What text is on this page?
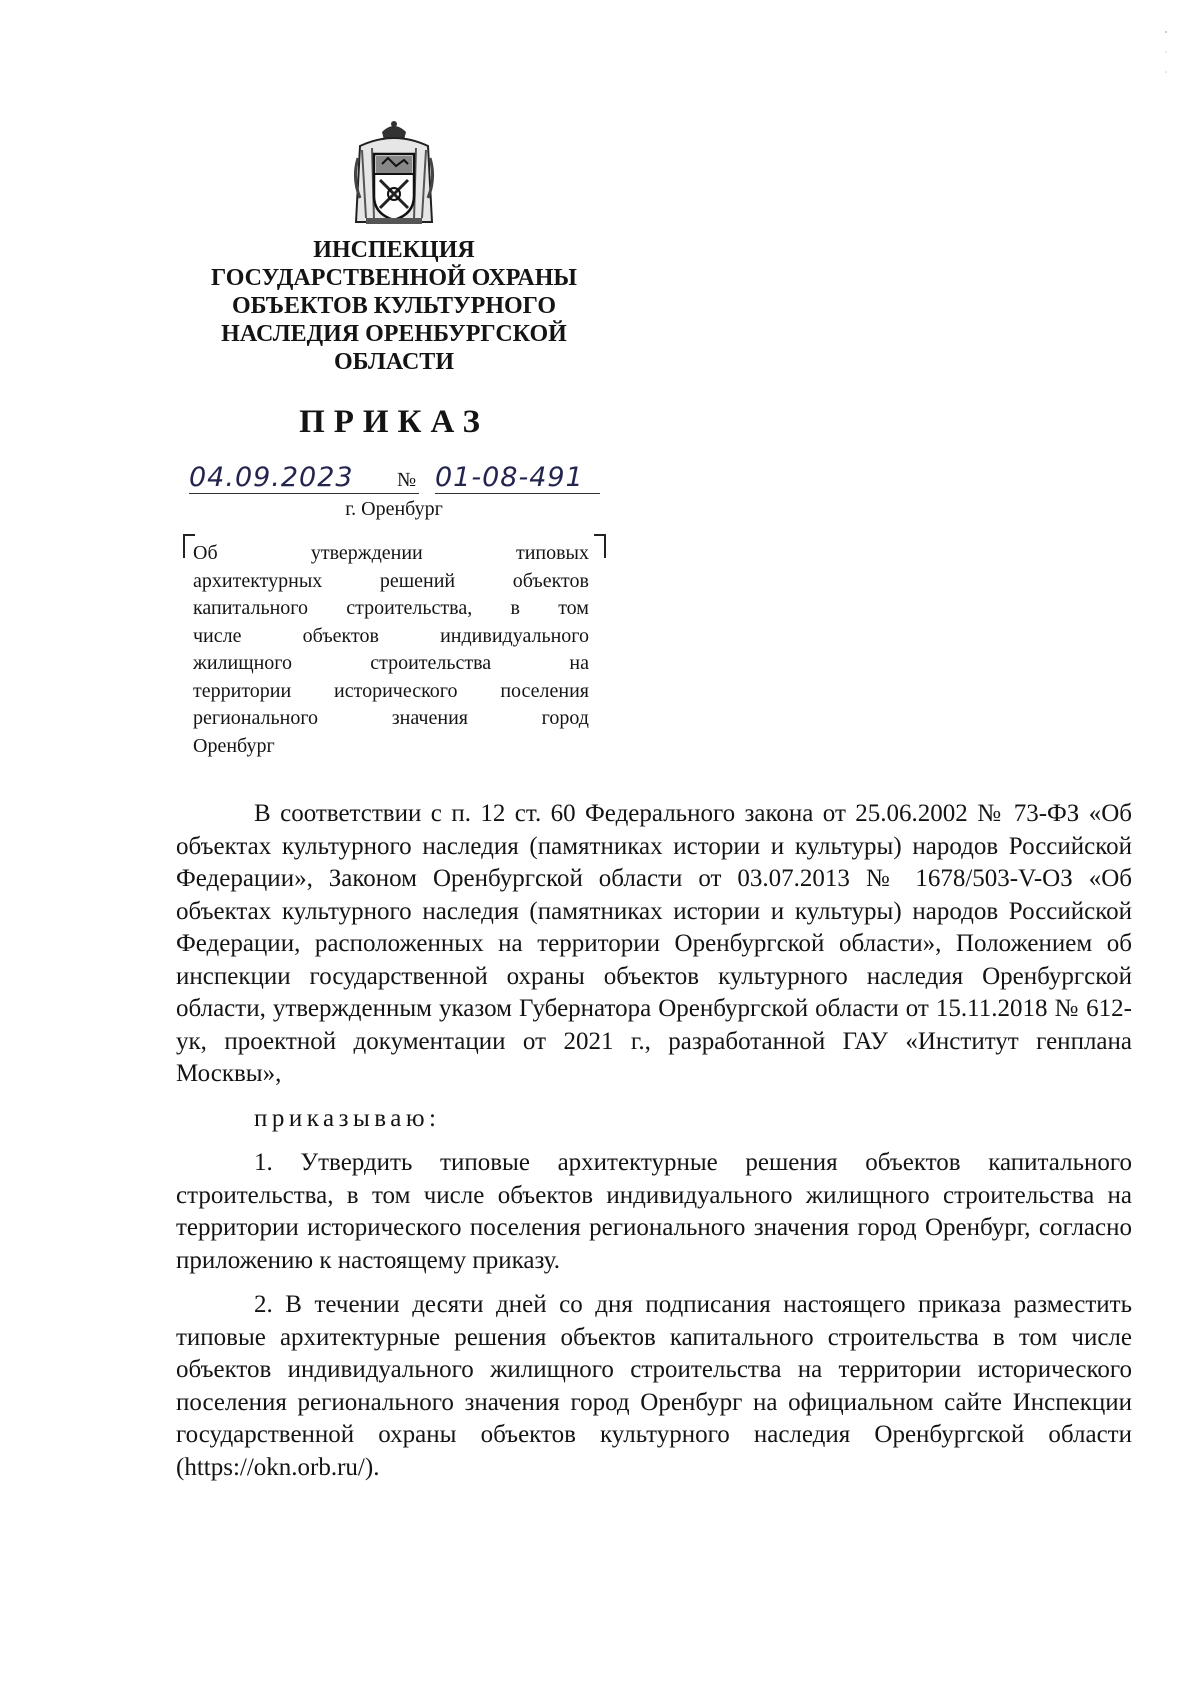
ИНСПЕКЦИЯ
ГОСУДАРСТВЕННОЙ ОХРАНЫ
ОБЪЕКТОВ КУЛЬТУРНОГО
НАСЛЕДИЯ ОРЕНБУРГСКОЙ
ОБЛАСТИ
ПРИКАЗ
04.09.2023	№ 01-08-491
г. Оренбург

Об	утверждении	типовых

архитектурных	решений	объектов

капитального строительства, в том

числе	объектов	индивидуального

жилищного	строительства	на

территории исторического поселения

регионального	значения	город

Оренбург

В соответствии с п. 12 ст. 60 Федерального закона от 25.06.2002 № 73-ФЗ «Об объектах культурного наследия (памятниках истории и культуры) народов Российской Федерации», Законом Оренбургской области от 03.07.2013 № 1678/503-V-ОЗ «Об объектах культурного наследия (памятниках истории и культуры) народов Российской Федерации, расположенных на территории Оренбургской области», Положением об инспекции государственной охраны объектов культурного наследия Оренбургской области, утвержденным указом Губернатора Оренбургской области от 15.11.2018 № 612-ук, проектной документации от 2021 г., разработанной ГАУ «Институт генплана Москвы»,

приказываю:

1. Утвердить типовые архитектурные решения объектов капитального строительства, в том числе объектов индивидуального жилищного строительства на территории исторического поселения регионального значения город Оренбург, согласно приложению к настоящему приказу.

2. В течении десяти дней со дня подписания настоящего приказа разместить типовые архитектурные решения объектов капитального строительства в том числе объектов индивидуального жилищного строительства на территории исторического поселения регионального значения город Оренбург на официальном сайте Инспекции государственной охраны объектов культурного наследия Оренбургской области (https://okn.orb.ru/).
